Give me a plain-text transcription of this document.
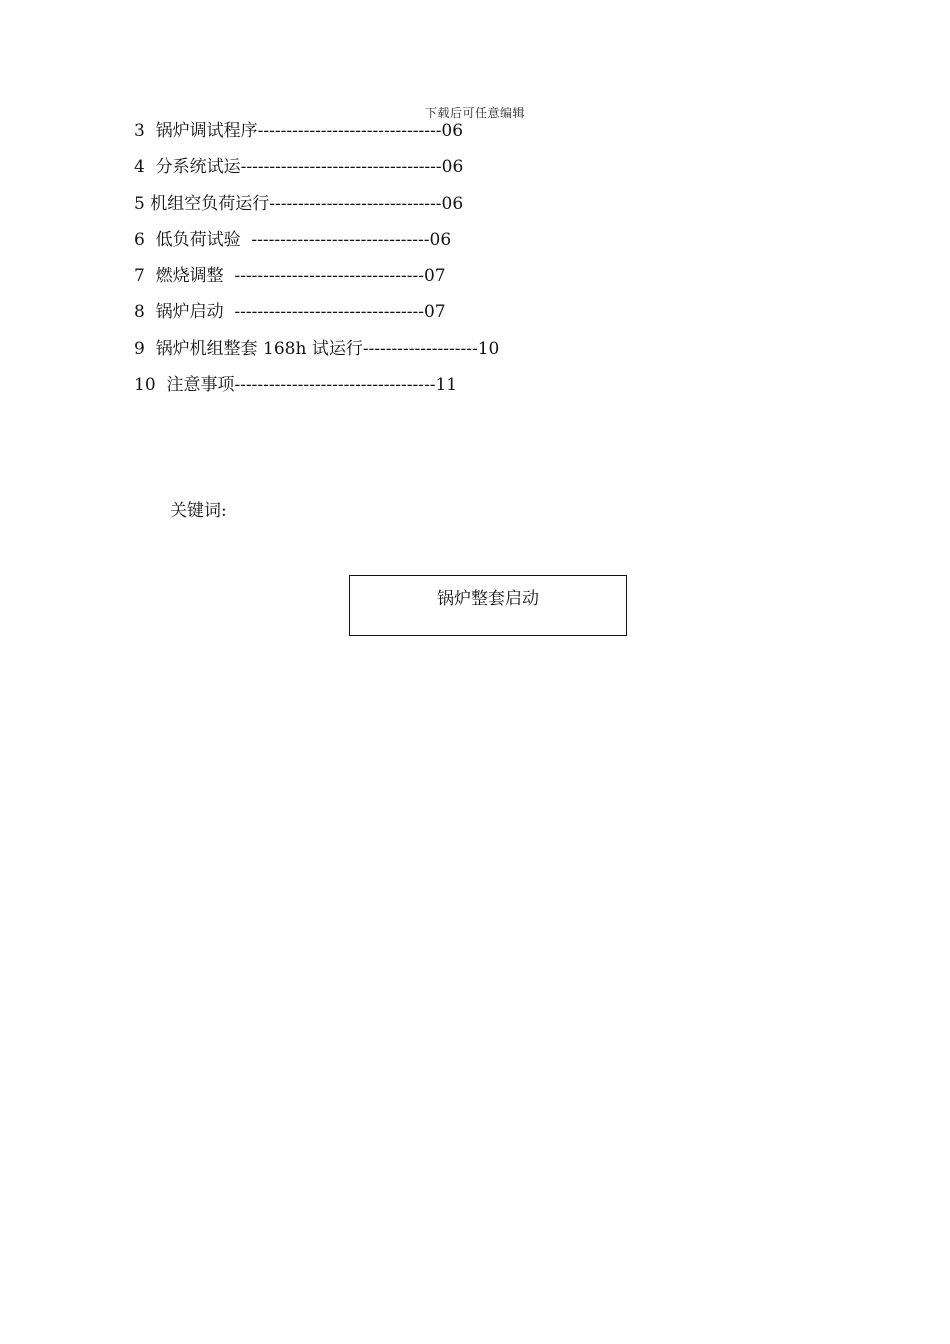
下载后可任意编辑
3  锅炉调试程序--------------------------------06
4  分系统试运-----------------------------------06
5 机组空负荷运行------------------------------06
6  低负荷试验  -------------------------------06
7  燃烧调整  ---------------------------------07
8  锅炉启动  ---------------------------------07
9  锅炉机组整套 168h 试运行--------------------10
10  注意事项-----------------------------------11
关键词:
锅炉整套启动
